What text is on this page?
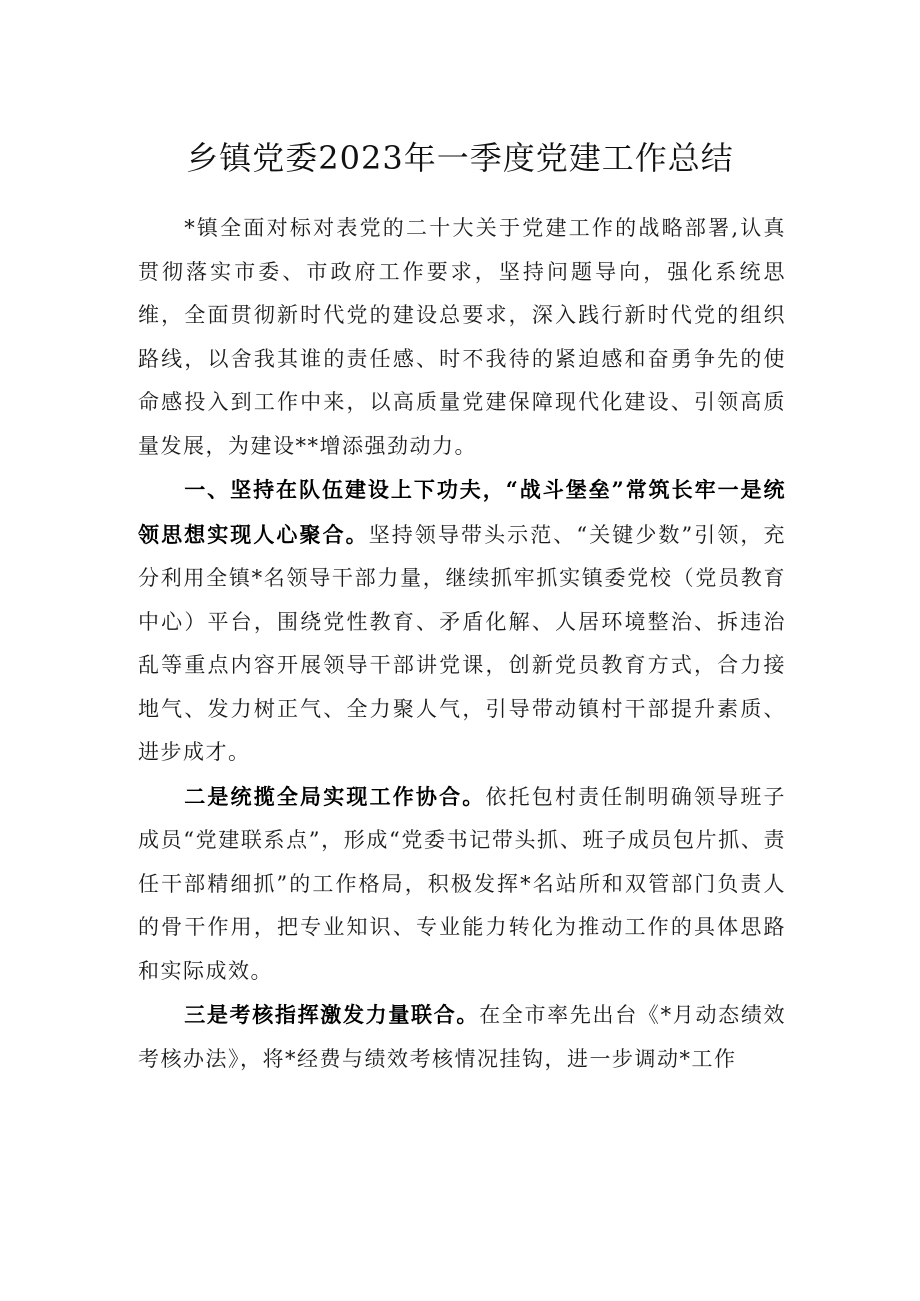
乡镇党委2023年一季度党建工作总结

*镇全面对标对表党的二十大关于党建工作的战略部署,认真贯彻落实市委、市政府工作要求，坚持问题导向，强化系统思维，全面贯彻新时代党的建设总要求，深入践行新时代党的组织路线，以舍我其谁的责任感、时不我待的紧迫感和奋勇争先的使命感投入到工作中来，以高质量党建保障现代化建设、引领高质量发展，为建设**增添强劲动力。

一、坚持在队伍建设上下功夫，“战斗堡垒”常筑长牢一是统领思想实现人心聚合。坚持领导带头示范、“关键少数”引领，充分利用全镇*名领导干部力量，继续抓牢抓实镇委党校（党员教育中心）平台，围绕党性教育、矛盾化解、人居环境整治、拆违治乱等重点内容开展领导干部讲党课，创新党员教育方式，合力接地气、发力树正气、全力聚人气，引导带动镇村干部提升素质、进步成才。

二是统揽全局实现工作协合。依托包村责任制明确领导班子成员“党建联系点”，形成“党委书记带头抓、班子成员包片抓、责任干部精细抓”的工作格局，积极发挥*名站所和双管部门负责人的骨干作用，把专业知识、专业能力转化为推动工作的具体思路和实际成效。

三是考核指挥激发力量联合。在全市率先出台《*月动态绩效考核办法》，将*经费与绩效考核情况挂钩，进一步调动*工作
